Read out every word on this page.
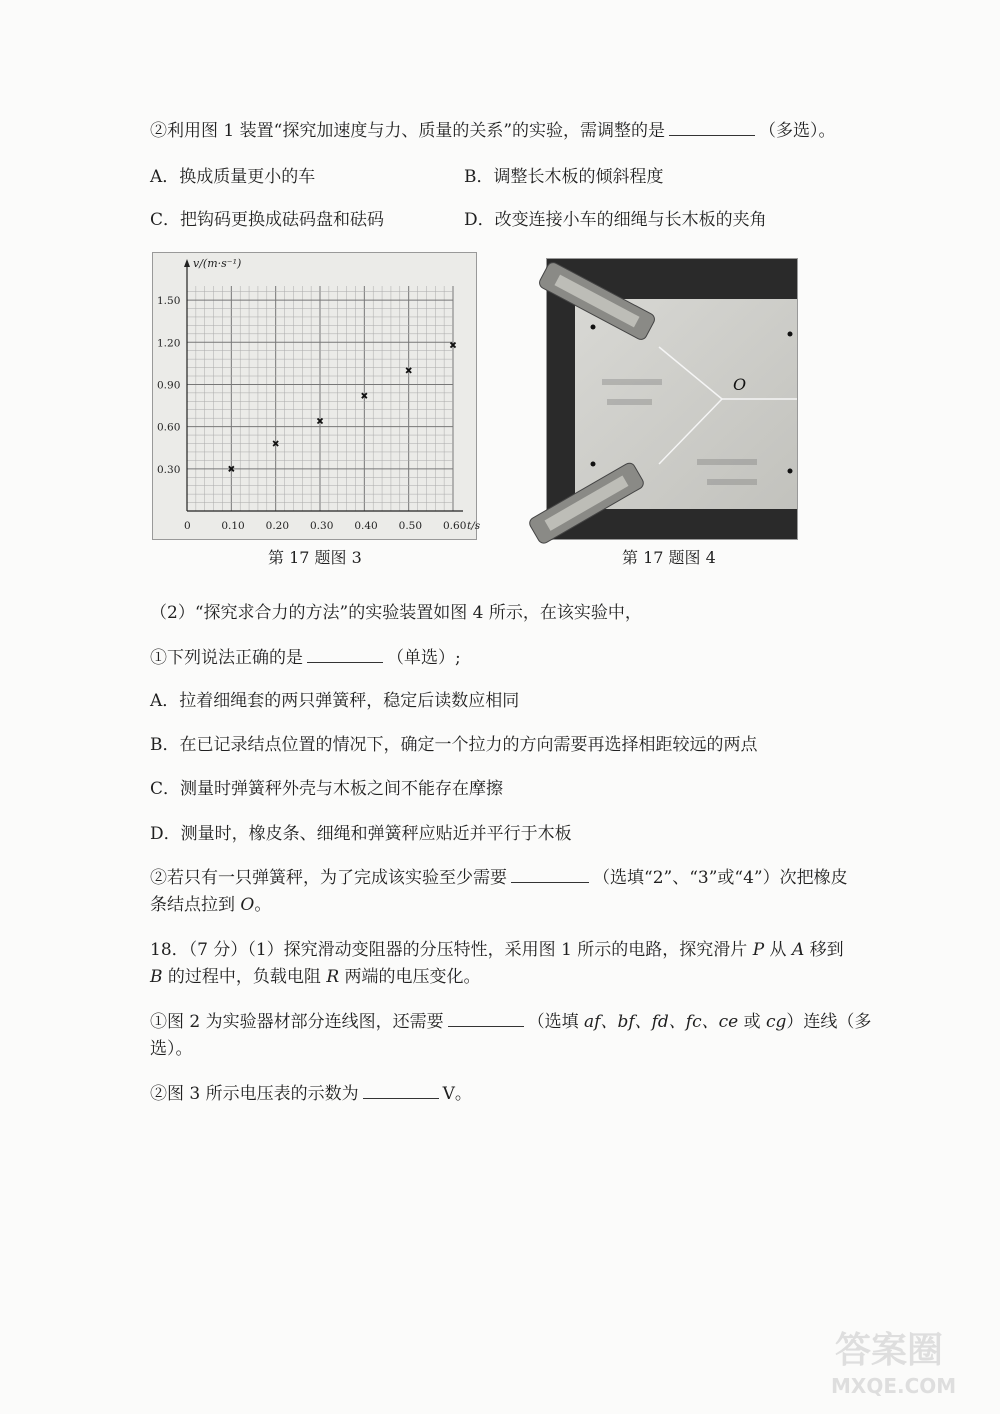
②利用图 1 装置“探究加速度与力、质量的关系”的实验，需调整的是	（多选）。
A．换成质量更小的车	B．调整长木板的倾斜程度
C．把钩码更换成砝码盘和砝码	D．改变连接小车的细绳与长木板的夹角
v/(m·s⁻¹)
0	0.10 0.20 0.30 0.40 0.50 0.60 t/s
0.30
0.60
0.90
1.20
1.50
O
第 17 题图 3	第 17 题图 4
（2）“探究求合力的方法”的实验装置如图 4 所示，在该实验中，
①下列说法正确的是	（单选）;
A．拉着细绳套的两只弹簧秤，稳定后读数应相同
B．在已记录结点位置的情况下，确定一个拉力的方向需要再选择相距较远的两点
C．测量时弹簧秤外壳与木板之间不能存在摩擦
D．测量时，橡皮条、细绳和弹簧秤应贴近并平行于木板
②若只有一只弹簧秤，为了完成该实验至少需要	（选填“2”、“3”或“4”）次把橡皮
条结点拉到 O。
18．（7 分）（1）探究滑动变阻器的分压特性，采用图 1 所示的电路，探究滑片 P 从 A 移到
B 的过程中，负载电阻 R 两端的电压变化。
①图 2 为实验器材部分连线图，还需要	（选填 af、bf、fd、fc、ce 或 cg）连线（多
选）。
②图 3 所示电压表的示数为	V。
答案圈
MXQE.COM
